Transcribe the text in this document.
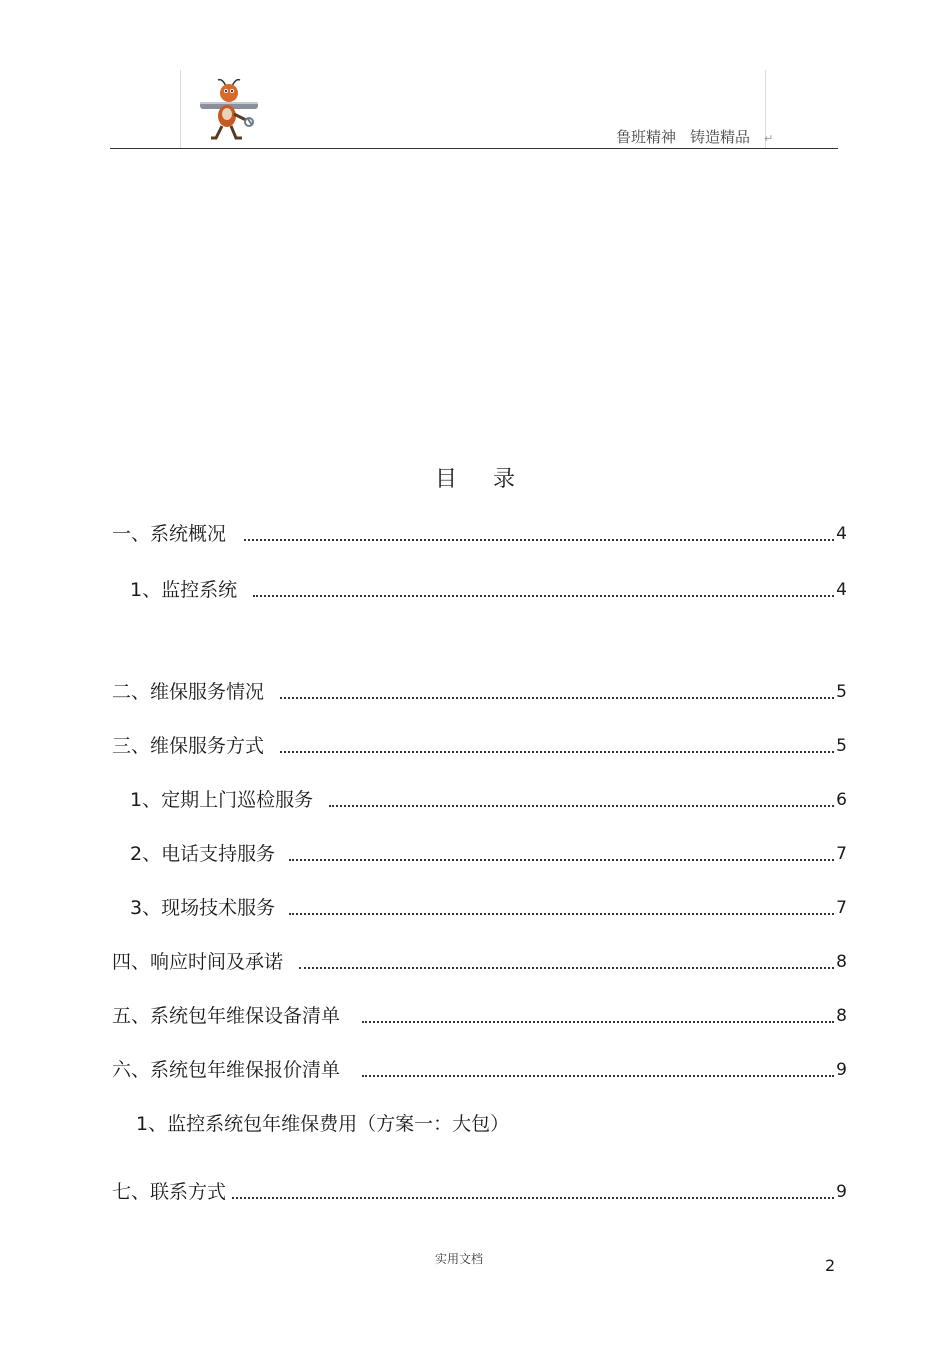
鲁班精神 铸造精品 ↵
目录
一、系统概况	4
1、监控系统	4
二、维保服务情况	5
三、维保服务方式	5
1、定期上门巡检服务	6
2、电话支持服务	7
3、现场技术服务	7
四、响应时间及承诺	8
五、系统包年维保设备清单	8
六、系统包年维保报价清单	9
1、监控系统包年维保费用（方案一：大包）
七、联系方式	9
实用文档	2
